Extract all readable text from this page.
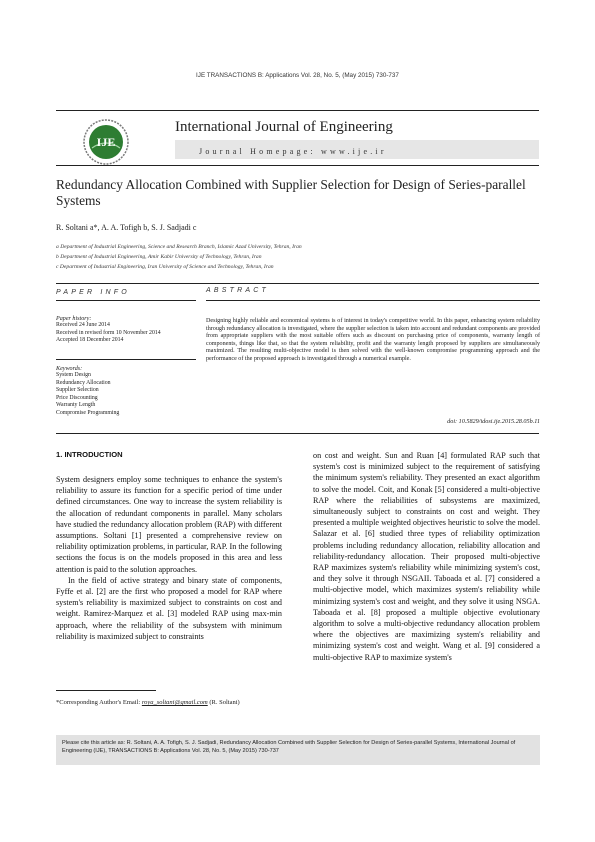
IJE TRANSACTIONS B: Applications Vol. 28, No. 5, (May 2015) 730-737
IJE
International Journal of Engineering
Journal Homepage: www.ije.ir
Redundancy Allocation Combined with Supplier Selection for Design of Series-parallel Systems
R. Soltani a*, A. A. Tofigh b, S. J. Sadjadi c
a Department of Industrial Engineering, Science and Research Branch, Islamic Azad University, Tehran, Iran
b Department of Industrial Engineering, Amir Kabir University of Technology, Tehran, Iran
c Department of Industrial Engineering, Iran University of Science and Technology, Tehran, Iran
PAPER INFO	ABSTRACT
Paper history:
Received 24 June 2014
Received in revised form 10 November 2014
Accepted 18 December 2014
Keywords:
System Design
Redundancy Allocation
Supplier Selection
Price Discounting
Warranty Length
Compromise Programming
Designing highly reliable and economical systems is of interest in today's competitive world. In this paper, enhancing system reliability through redundancy allocation is investigated, where the supplier selection is taken into account and redundant components are provided from appropriate suppliers with the most suitable offers such as discount on purchasing price of components, warranty length of components, things like that, so that the system reliability, profit and the warranty length proposed by suppliers are simultaneously maximized. The resulting multi-objective model is then solved with the well-known compromise programming approach and the performance of the proposed approach is investigated through a numerical example.
doi: 10.5829/idosi.ije.2015.28.05b.11
1. INTRODUCTION
System designers employ some techniques to enhance the system's reliability to assure its function for a specific period of time under defined circumstances. One way to increase the system reliability is the allocation of redundant components in parallel. Many scholars have studied the redundancy allocation problem (RAP) with different assumptions. Soltani [1] presented a comprehensive review on reliability optimization problems, in particular, RAP. In the following sections the focus is on the models proposed in this area and less attention is paid to the solution approaches.
In the field of active strategy and binary state of components, Fyffe et al. [2] are the first who proposed a model for RAP where system's reliability is maximized subject to constraints on cost and weight. Ramirez-Marquez et al. [3] modeled RAP using max-min approach, where the reliability of the subsystem with minimum reliability is maximized subject to constraints
on cost and weight. Sun and Ruan [4] formulated RAP such that system's cost is minimized subject to the requirement of satisfying the minimum system's reliability. They presented an exact algorithm to solve the model. Coit, and Konak [5] considered a multi-objective RAP where the reliabilities of subsystems are maximized, simultaneously subject to constraints on cost and weight. They presented a multiple weighted objectives heuristic to solve the model. Salazar et al. [6] studied three types of reliability optimization problems including redundancy allocation, reliability allocation and reliability-redundancy allocation. Their proposed multi-objective RAP maximizes system's reliability while minimizing system's cost, and they solve it through NSGAII. Taboada et al. [7] considered a multi-objective model, which maximizes system's reliability while minimizing system's cost and weight, and they solve it using NSGA. Taboada et al. [8] proposed a multiple objective evolutionary algorithm to solve a multi-objective redundancy allocation problem where the objectives are maximizing system's reliability and minimizing system's cost and weight. Wang et al. [9] considered a multi-objective RAP to maximize system's
*Corresponding Author's Email: roya_soltani@gmail.com (R. Soltani)
Please cite this article as: R. Soltani, A. A. Tofigh, S. J. Sadjadi, Redundancy Allocation Combined with Supplier Selection for Design of Series-parallel Systems, International Journal of Engineering (IJE), TRANSACTIONS B: Applications Vol. 28, No. 5, (May 2015) 730-737
